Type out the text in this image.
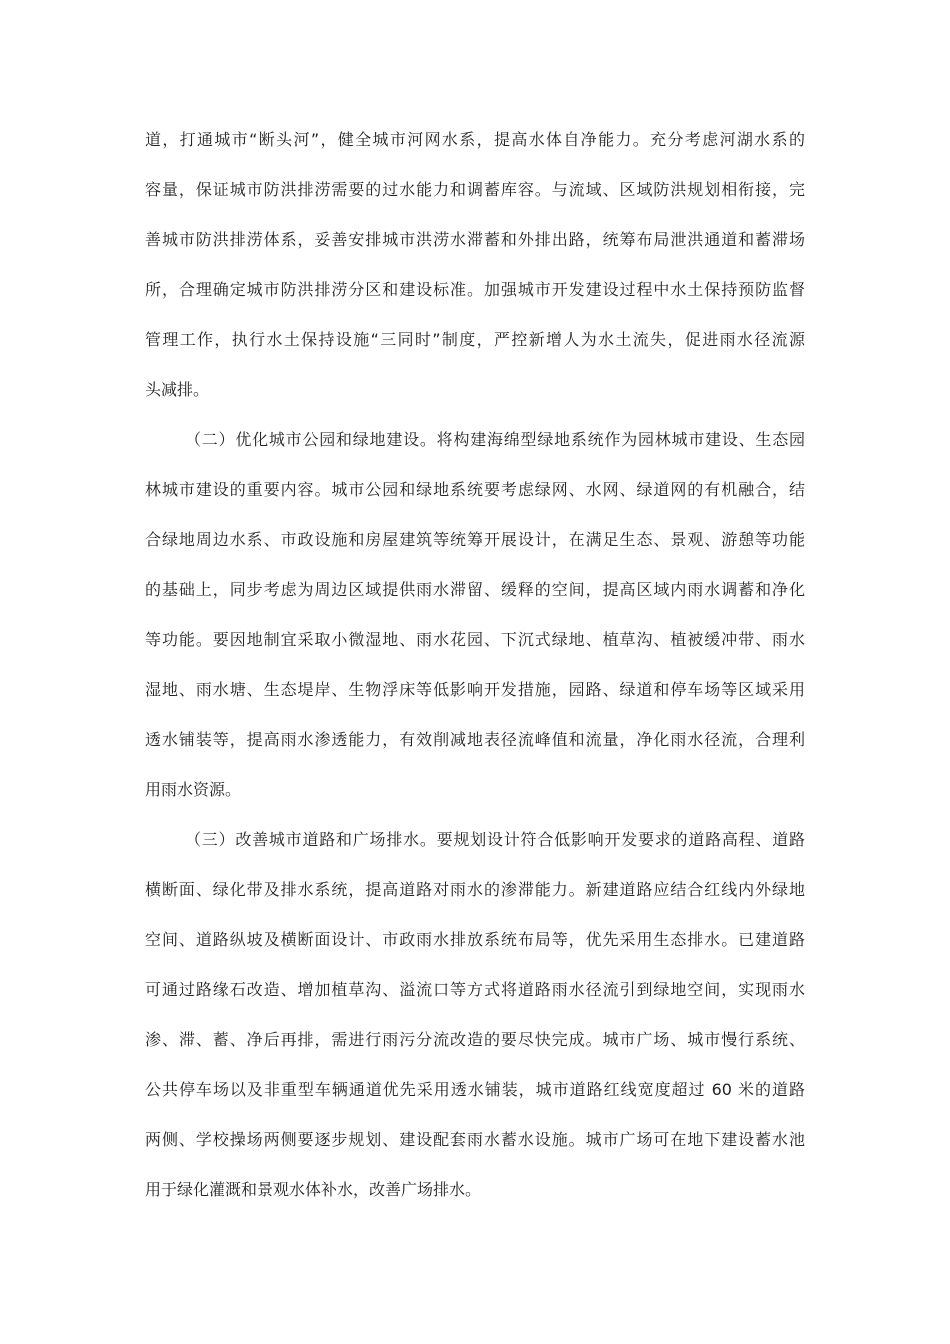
道，打通城市“断头河”，健全城市河网水系，提高水体自净能力。充分考虑河湖水系的
容量，保证城市防洪排涝需要的过水能力和调蓄库容。与流域、区域防洪规划相衔接，完
善城市防洪排涝体系，妥善安排城市洪涝水滞蓄和外排出路，统筹布局泄洪通道和蓄滞场
所，合理确定城市防洪排涝分区和建设标准。加强城市开发建设过程中水土保持预防监督
管理工作，执行水土保持设施“三同时”制度，严控新增人为水土流失，促进雨水径流源
头减排。
（二）优化城市公园和绿地建设。将构建海绵型绿地系统作为园林城市建设、生态园
林城市建设的重要内容。城市公园和绿地系统要考虑绿网、水网、绿道网的有机融合，结
合绿地周边水系、市政设施和房屋建筑等统筹开展设计，在满足生态、景观、游憩等功能
的基础上，同步考虑为周边区域提供雨水滞留、缓释的空间，提高区域内雨水调蓄和净化
等功能。要因地制宜采取小微湿地、雨水花园、下沉式绿地、植草沟、植被缓冲带、雨水
湿地、雨水塘、生态堤岸、生物浮床等低影响开发措施，园路、绿道和停车场等区域采用
透水铺装等，提高雨水渗透能力，有效削减地表径流峰值和流量，净化雨水径流，合理利
用雨水资源。
（三）改善城市道路和广场排水。要规划设计符合低影响开发要求的道路高程、道路
横断面、绿化带及排水系统，提高道路对雨水的渗滞能力。新建道路应结合红线内外绿地
空间、道路纵坡及横断面设计、市政雨水排放系统布局等，优先采用生态排水。已建道路
可通过路缘石改造、增加植草沟、溢流口等方式将道路雨水径流引到绿地空间，实现雨水
渗、滞、蓄、净后再排，需进行雨污分流改造的要尽快完成。城市广场、城市慢行系统、
公共停车场以及非重型车辆通道优先采用透水铺装，城市道路红线宽度超过 60 米的道路
两侧、学校操场两侧要逐步规划、建设配套雨水蓄水设施。城市广场可在地下建设蓄水池
用于绿化灌溉和景观水体补水，改善广场排水。
